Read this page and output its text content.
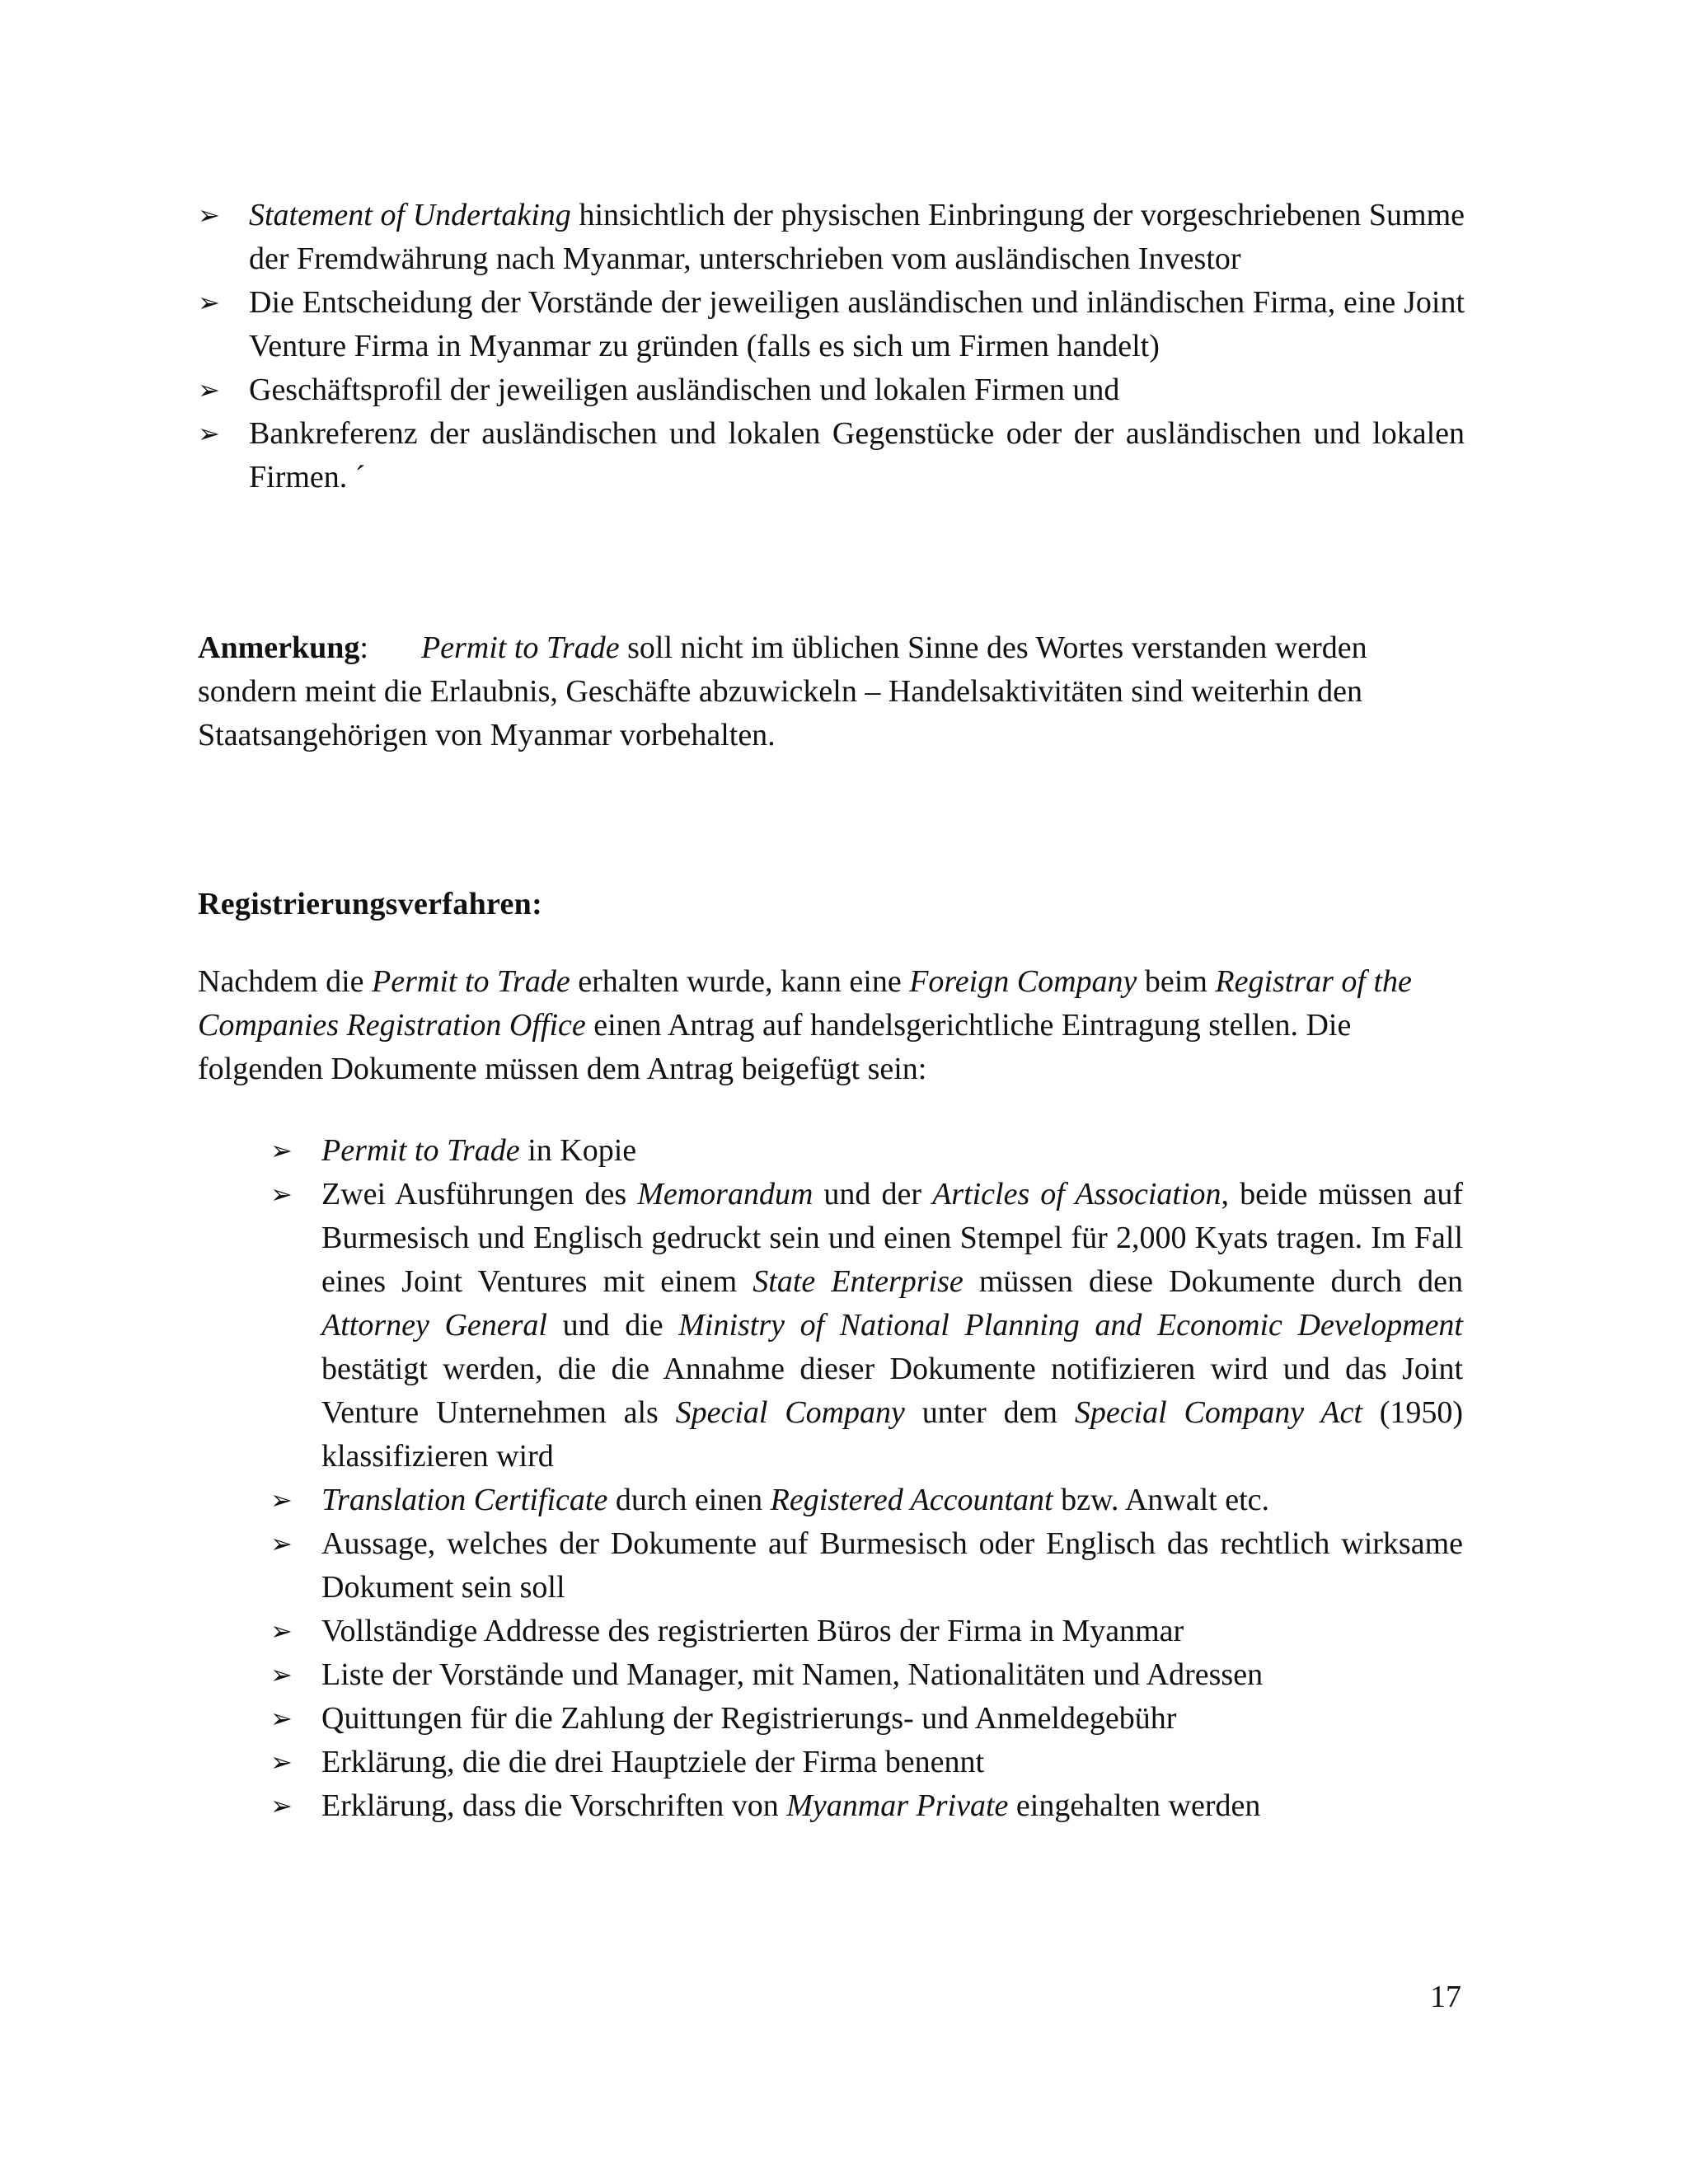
➢ Statement of Undertaking hinsichtlich der physischen Einbringung der vorgeschriebenen Summe der Fremdwährung nach Myanmar, unterschrieben vom ausländischen Investor
➢ Die Entscheidung der Vorstände der jeweiligen ausländischen und inländischen Firma, eine Joint Venture Firma in Myanmar zu gründen (falls es sich um Firmen handelt)
➢ Geschäftsprofil der jeweiligen ausländischen und lokalen Firmen und
➢ Bankreferenz der ausländischen und lokalen Gegenstücke oder der ausländischen und lokalen Firmen. ´

Anmerkung: Permit to Trade soll nicht im üblichen Sinne des Wortes verstanden werden sondern meint die Erlaubnis, Geschäfte abzuwickeln – Handelsaktivitäten sind weiterhin den Staatsangehörigen von Myanmar vorbehalten.

Registrierungsverfahren:

Nachdem die Permit to Trade erhalten wurde, kann eine Foreign Company beim Registrar of the Companies Registration Office einen Antrag auf handelsgerichtliche Eintragung stellen. Die folgenden Dokumente müssen dem Antrag beigefügt sein:

➢ Permit to Trade in Kopie
➢ Zwei Ausführungen des Memorandum und der Articles of Association, beide müssen auf Burmesisch und Englisch gedruckt sein und einen Stempel für 2,000 Kyats tragen. Im Fall eines Joint Ventures mit einem State Enterprise müssen diese Dokumente durch den Attorney General und die Ministry of National Planning and Economic Development bestätigt werden, die die Annahme dieser Dokumente notifizieren wird und das Joint Venture Unternehmen als Special Company unter dem Special Company Act (1950) klassifizieren wird
➢ Translation Certificate durch einen Registered Accountant bzw. Anwalt etc.
➢ Aussage, welches der Dokumente auf Burmesisch oder Englisch das rechtlich wirksame Dokument sein soll
➢ Vollständige Addresse des registrierten Büros der Firma in Myanmar
➢ Liste der Vorstände und Manager, mit Namen, Nationalitäten und Adressen
➢ Quittungen für die Zahlung der Registrierungs- und Anmeldegebühr
➢ Erklärung, die die drei Hauptziele der Firma benennt
➢ Erklärung, dass die Vorschriften von Myanmar Private eingehalten werden

17
